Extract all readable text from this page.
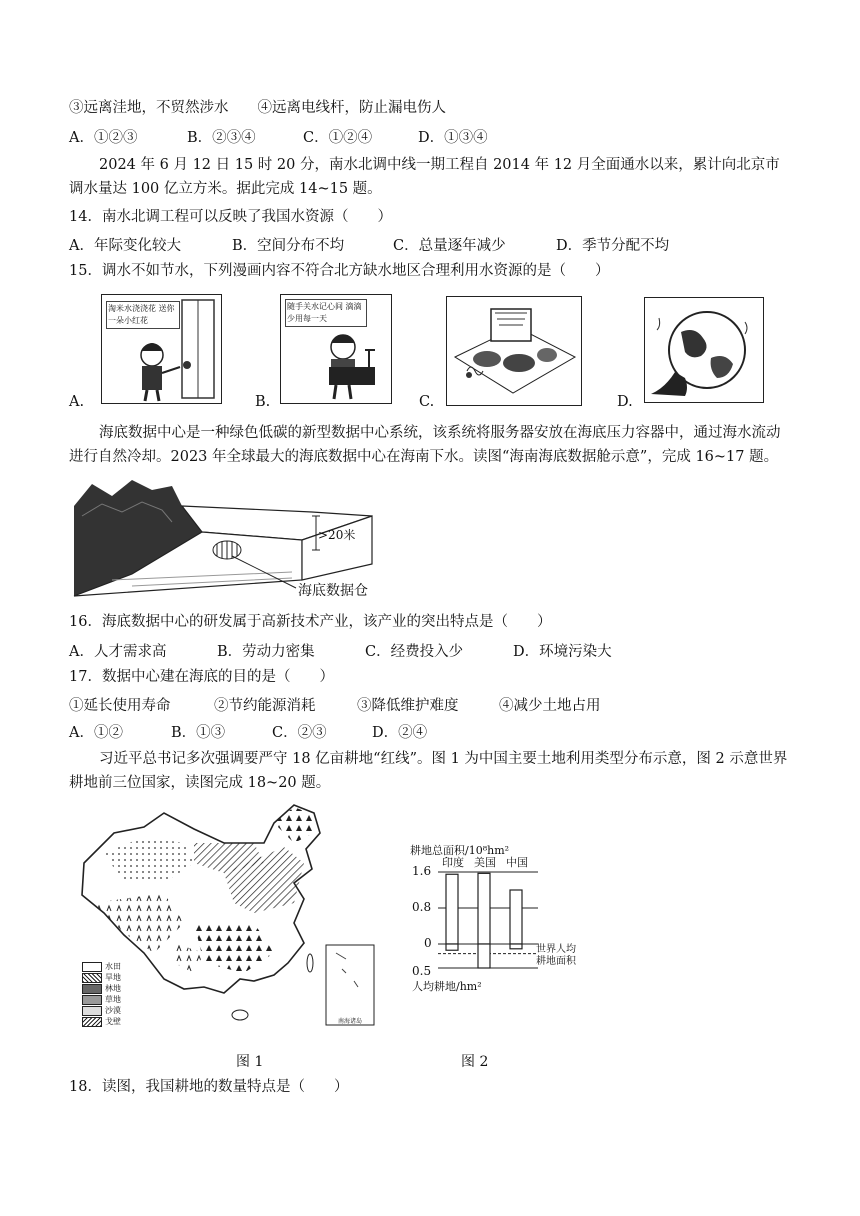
③远离洼地，不贸然涉水　　④远离电线杆，防止漏电伤人
A．①②③	B．②③④	C．①②④	D．①③④
2024 年 6 月 12 日 15 时 20 分，南水北调中线一期工程自 2014 年 12 月全面通水以来，累计向北京市调水量达 100 亿立方米。据此完成 14~15 题。
14．南水北调工程可以反映了我国水资源（　　）
A．年际变化较大	B．空间分布不均	C．总量逐年减少	D．季节分配不均
15．调水不如节水，下列漫画内容不符合北方缺水地区合理利用水资源的是（　　）
A.
淘米水浇浇花 送你一朵小红花
B.
随手关水记心间 滴滴少用每一天
C.	D.
海底数据中心是一种绿色低碳的新型数据中心系统，该系统将服务器安放在海底压力容器中，通过海水流动进行自然冷却。2023 年全球最大的海底数据中心在海南下水。读图“海南海底数据舱示意”，完成 16~17 题。
>20米
海底数据仓
16．海底数据中心的研发属于高新技术产业，该产业的突出特点是（　　）
A．人才需求高	B．劳动力密集	C．经费投入少	D．环境污染大
17．数据中心建在海底的目的是（　　）
①延长使用寿命	②节约能源消耗	③降低维护难度	④减少土地占用
A．①②	B．①③	C．②③	D．②④
习近平总书记多次强调要严守 18 亿亩耕地“红线”。图 1 为中国主要土地利用类型分布示意，图 2 示意世界耕地前三位国家，读图完成 18~20 题。
水田
旱地
林地
草地
沙漠
戈壁	南海诸岛
图 1
耕地总面积/10⁸hm²
印度 美国 中国
1.6
0.8
0
0.5
世界人均
耕地面积
人均耕地/hm²
图 2
18．读图，我国耕地的数量特点是（　　）
